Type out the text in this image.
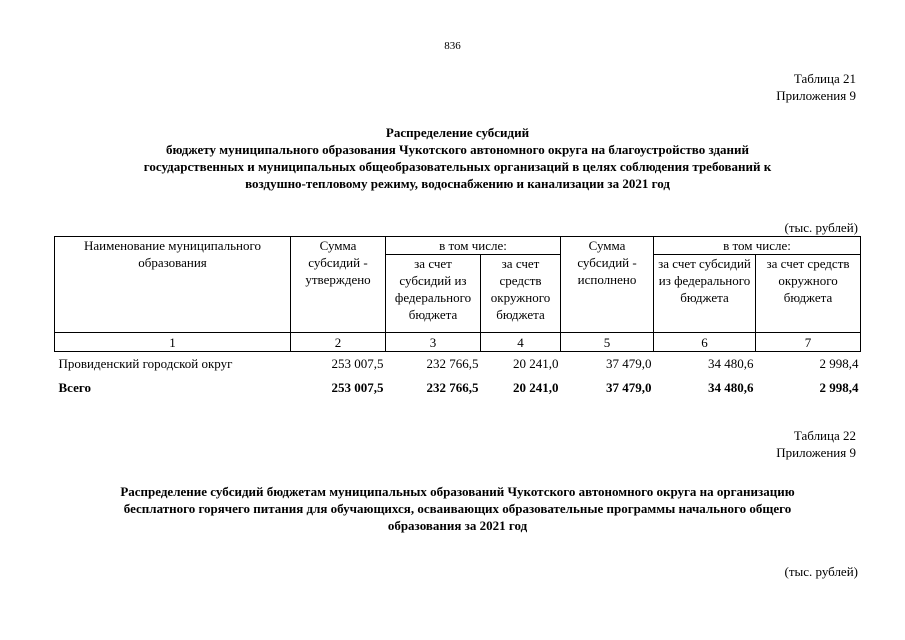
836
Таблица 21
Приложения 9
Распределение субсидий
бюджету муниципального образования Чукотского автономного округа на благоустройство зданий
государственных и муниципальных общеобразовательных организаций в целях соблюдения требований к
воздушно-тепловому режиму, водоснабжению и канализации за 2021 год
(тыс. рублей)
Наименование муниципального образования	Сумма субсидий - утверждено	в том числе:		Сумма субсидий - исполнено	в том числе:	
		за счет субсидий из федерального бюджета	за счет средств окружного бюджета		за счет субсидий из федерального бюджета	за счет средств окружного бюджета
1	2	3	4	5	6	7
Провиденский городской округ	253 007,5	232 766,5	20 241,0	37 479,0	34 480,6	2 998,4
Всего	253 007,5	232 766,5	20 241,0	37 479,0	34 480,6	2 998,4
Таблица 22
Приложения 9
Распределение субсидий бюджетам муниципальных образований Чукотского автономного округа на организацию
бесплатного горячего питания для обучающихся, осваивающих образовательные программы начального общего
образования за 2021 год
(тыс. рублей)
